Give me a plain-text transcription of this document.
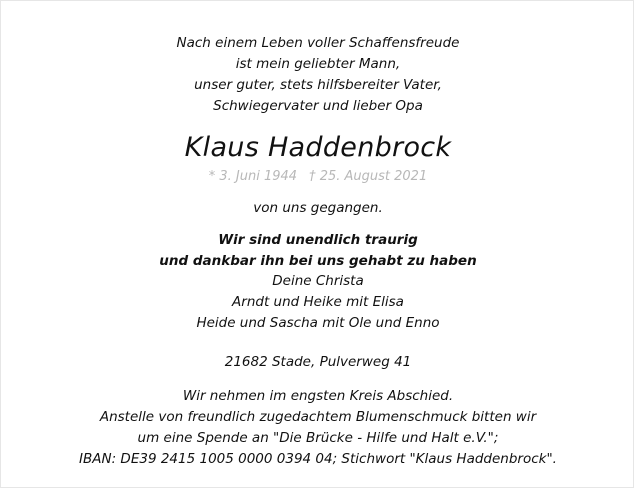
Nach einem Leben voller Schaffensfreude
ist mein geliebter Mann,
unser guter, stets hilfsbereiter Vater,
Schwiegervater und lieber Opa
Klaus Haddenbrock
* 3. Juni 1944 † 25. August 2021
von uns gegangen.
Wir sind unendlich traurig
und dankbar ihn bei uns gehabt zu haben
Deine Christa
Arndt und Heike mit Elisa
Heide und Sascha mit Ole und Enno
21682 Stade, Pulverweg 41
Wir nehmen im engsten Kreis Abschied.
Anstelle von freundlich zugedachtem Blumenschmuck bitten wir
um eine Spende an "Die Brücke - Hilfe und Halt e.V.";
IBAN: DE39 2415 1005 0000 0394 04; Stichwort "Klaus Haddenbrock".
